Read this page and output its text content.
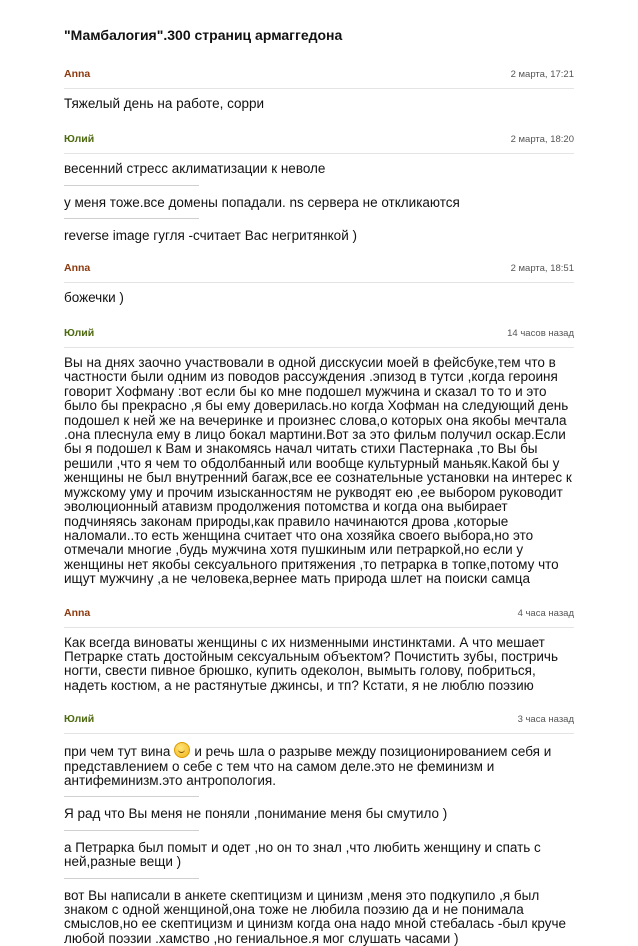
"Мамбалогия".300 страниц армаггедона
Anna	2 марта, 17:21

Тяжелый день на работе, сорри

Юлий	2 марта, 18:20

весенний стресс аклиматизации к неволе

у меня тоже.все домены попадали. ns сервера не откликаются

reverse image гугля -считает Вас негритянкой )

Anna	2 марта, 18:51

божечки )

Юлий	14 часов назад

Вы на днях заочно участвовали в одной дисскусии моей в фейсбуке,тем что в частности были одним из поводов рассуждения .эпизод в тутси ,когда героиня говорит Хофману :вот если бы ко мне подошел мужчина и сказал то то и это было бы прекрасно ,я бы ему доверилась.но когда Хофман на следующий день подошел к ней же на вечеринке и произнес слова,о которых она якобы мечтала .она плеснула ему в лицо бокал мартини.Вот за это фильм получил оскар.Если бы я подошел к Вам и знакомясь начал читать стихи Пастернака ,то Вы бы решили ,что я чем то обдолбанный или вообще культурный маньяк.Какой бы у женщины не был внутренний багаж,все ее сознательные установки на интерес к мужскому уму и прочим изысканностям не руквoдят ею ,ее выбором руководит эволюционный атавизм продолжения потомства и когда она выбирает подчиняясь законам природы,как правило начинаются дрова ,которые наломали..то есть женщина считает что она хозяйка своего выбора,но это отмечали многие ,будь мужчина хотя пушкиным или петраркой,но если у женщины нет якобы сексуального притяжения ,то петрарка в топке,потому что ищут мужчину ,а не человека,вернее мать природа шлет на поиски самца

Anna	4 часа назад

Как всегда виноваты женщины с их низменными инстинктами. А что мешает Петрарке стать достойным сексуальным объектом? Почистить зубы, постричь ногти, свести пивное брюшко, купить одеколон, вымыть голову, побриться, надеть костюм, а не растянутые джинсы, и тп? Кстати, я не люблю поэзию

Юлий	3 часа назад

при чем тут вина и речь шла о разрыве между позиционированием себя и представлением о себе с тем что на самом деле.это не феминизм и антифеминизм.это антропология.

Я рад что Вы меня не поняли ,понимание меня бы смутило )

а Петрарка был помыт и одет ,но он то знал ,что любить женщину и спать с ней,разные вещи )

вот Вы написали в анкете скептицизм и цинизм ,меня это подкупило ,я был знаком с одной женщиной,она тоже не любила поэзию да и не понимала смыслов,но ее скептицизм и цинизм когда она надо мной стебалась -был круче любой поэзии .хамство ,но гениальное.я мог слушать часами )
